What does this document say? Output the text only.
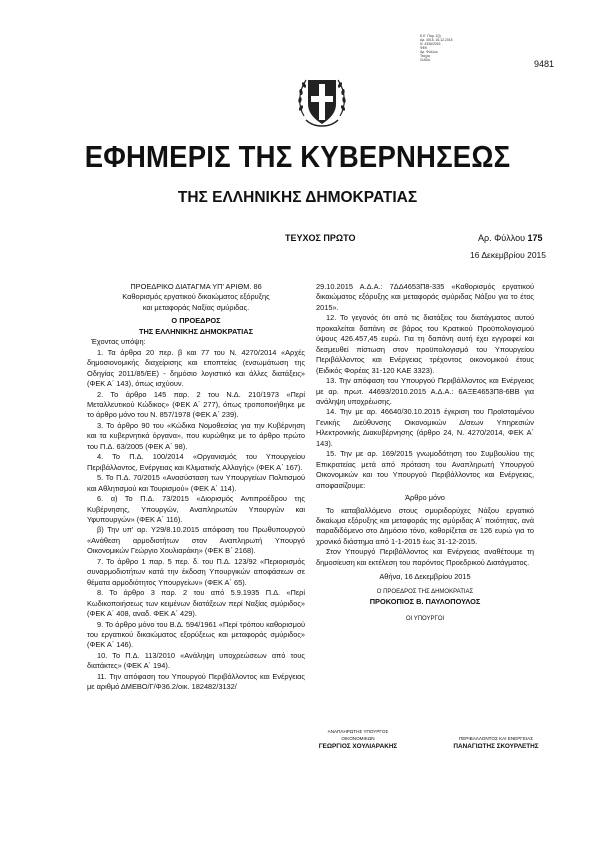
Ε.Ε. Παρ. 1(I)
Αρ. 4015, 16.12.2015
Ν. 4336/2015
ΦΕΚ
Αρ. Φύλλου
Τεύχος
Σελίδα	9481
ΕΦΗΜΕΡΙΣ ΤΗΣ ΚΥΒΕΡΝΗΣΕΩΣ
ΤΗΣ ΕΛΛΗΝΙΚΗΣ ΔΗΜΟΚΡΑΤΙΑΣ
ΤΕΥΧΟΣ ΠΡΩΤΟ	Αρ. Φύλλου 175
16 Δεκεμβρίου 2015

ΠΡΟΕΔΡΙΚΟ ΔΙΑΤΑΓΜΑ ΥΠ' ΑΡΙΘΜ. 86

Καθορισμός εργατικού δικαιώματος εξόρυξης

και μεταφοράς Ναξίας σμύριδας.

Ο ΠΡΟΕΔΡΟΣ

ΤΗΣ ΕΛΛΗΝΙΚΗΣ ΔΗΜΟΚΡΑΤΙΑΣ

Έχοντας υπόψη:

1. Τα άρθρα 20 περ. β και 77 του Ν. 4270/2014 «Αρχές δημοσιονομικής διαχείρισης και εποπτείας (ενσωμάτωση της Οδηγίας 2011/85/ΕΕ) - δημόσιο λογιστικό και άλλες διατάξεις» (ΦΕΚ Α΄ 143), όπως ισχύουν.

2. Το άρθρο 145 παρ. 2 του Ν.Δ. 210/1973 «Περί Μεταλλευτικού Κώδικος» (ΦΕΚ Α΄ 277), όπως τροποποιήθηκε με το άρθρο μόνο του Ν. 857/1978 (ΦΕΚ Α΄ 239).

3. Το άρθρο 90 του «Κώδικα Νομοθεσίας για την Κυβέρνηση και τα κυβερνητικά όργανα», που κυρώθηκε με το άρθρο πρώτο του Π.Δ. 63/2005 (ΦΕΚ Α΄ 98).

4. Το Π.Δ. 100/2014 «Οργανισμός του Υπουργείου Περιβάλλοντος, Ενέργειας και Κλιματικής Αλλαγής» (ΦΕΚ Α΄ 167).

5. Το Π.Δ. 70/2015 «Ανασύσταση των Υπουργείων Πολιτισμού και Αθλητισμού και Τουρισμού» (ΦΕΚ Α΄ 114).

6. α) Το Π.Δ. 73/2015 «Διορισμός Αντιπροέδρου της Κυβέρνησης, Υπουργών, Αναπληρωτών Υπουργών και Υφυπουργών» (ΦΕΚ Α΄ 116).

β) Την υπ' αρ. Υ29/8.10.2015 απόφαση του Πρωθυπουργού «Ανάθεση αρμοδιοτήτων στον Αναπληρωτή Υπουργό Οικονομικών Γεώργιο Χουλιαράκη» (ΦΕΚ Β΄ 2168).

7. Το άρθρο 1 παρ. 5 περ. δ. του Π.Δ. 123/92 «Περιορισμός συναρμοδιοτήτων κατά την έκδοση Υπουργικών αποφάσεων σε θέματα αρμοδιότητος Υπουργείων» (ΦΕΚ Α΄ 65).

8. Το άρθρο 3 παρ. 2 του από 5.9.1935 Π.Δ. «Περί Κωδικοποιήσεως των κειμένων διατάξεων περί Ναξίας σμύριδος» (ΦΕΚ Α΄ 408, αναδ. ΦΕΚ Α΄ 429).

9. Το άρθρο μόνο του Β.Δ. 594/1961 «Περί τρόπου καθορισμού του εργατικού δικαιώματος εξορύξεως και μεταφοράς σμύριδος» (ΦΕΚ Α΄ 146).

10. Το Π.Δ. 113/2010 «Ανάληψη υποχρεώσεων από τους διατάκτες» (ΦΕΚ Α΄ 194).

11. Την απόφαση του Υπουργού Περιβάλλοντος και Ενέργειας με αριθμό ΔΜΕΒΟ/Γ/Φ36.2/οικ. 182482/3132/

29.10.2015 Α.Δ.Α.: 7ΔΔ4653Π8-335 «Καθορισμός εργατικού δικαιώματος εξόρυξης και μεταφοράς σμύριδας Νάξου για το έτος 2015».

12. Το γεγονός ότι από τις διατάξεις του διατάγματος αυτού προκαλείται δαπάνη σε βάρος του Κρατικού Προϋπολογισμού ύψους 426.457,45 ευρώ. Για τη δαπάνη αυτή έχει εγγραφεί και δεσμευθεί πίστωση στον προϋπολογισμό του Υπουργείου Περιβάλλοντος και Ενέργειας τρέχοντος οικονομικού έτους (Ειδικός Φορέας 31-120 ΚΑΕ 3323).

13. Την απόφαση του Υπουργού Περιβάλλοντος και Ενέργειας με αρ. πρωτ. 44693/2010.2015 Α.Δ.Α.: 6ΑΞΕ4653Π8-6ΒΒ για ανάληψη υποχρέωσης.

14. Την με αρ. 46640/30.10.2015 έγκριση του Προϊσταμένου Γενικής Διεύθυνσης Οικονομικών Δ/σεων Υπηρεσιών Ηλεκτρονικής Διακυβέρνησης (άρθρο 24, Ν. 4270/2014, ΦΕΚ Α΄ 143).

15. Την με αρ. 169/2015 γνωμοδότηση του Συμβουλίου της Επικρατείας μετά από πρόταση του Αναπληρωτή Υπουργού Οικονομικών και του Υπουργού Περιβάλλοντος και Ενέργειας, αποφασίζουμε:

Άρθρο μόνο

Το καταβαλλόμενο στους σμυριδορύχες Νάξου εργατικό δικαίωμα εξόρυξης και μεταφοράς της σμύριδας Α΄ ποιότητας, ανά παραδιδόμενο στο Δημόσιο τόνο, καθορίζεται σε 126 ευρώ για το χρονικό διάστημα από 1-1-2015 έως 31-12-2015.

Στον Υπουργό Περιβάλλοντος και Ενέργειας αναθέτουμε τη δημοσίευση και εκτέλεση του παρόντος Προεδρικού Διατάγματος.

Αθήνα, 16 Δεκεμβρίου 2015

Ο ΠΡΟΕΔΡΟΣ ΤΗΣ ΔΗΜΟΚΡΑΤΙΑΣ

ΠΡΟΚΟΠΙΟΣ Β. ΠΑΥΛΟΠΟΥΛΟΣ

ΟΙ ΥΠΟΥΡΓΟΙ

ΑΝΑΠΛΗΡΩΤΗΣ ΥΠΟΥΡΓΟΣ
ΟΙΚΟΝΟΜΙΚΩΝ
ΓΕΩΡΓΙΟΣ ΧΟΥΛΙΑΡΑΚΗΣ
ΠΕΡΙΒΑΛΛΟΝΤΟΣ ΚΑΙ ΕΝΕΡΓΕΙΑΣ
ΠΑΝΑΓΙΩΤΗΣ ΣΚΟΥΡΛΕΤΗΣ
